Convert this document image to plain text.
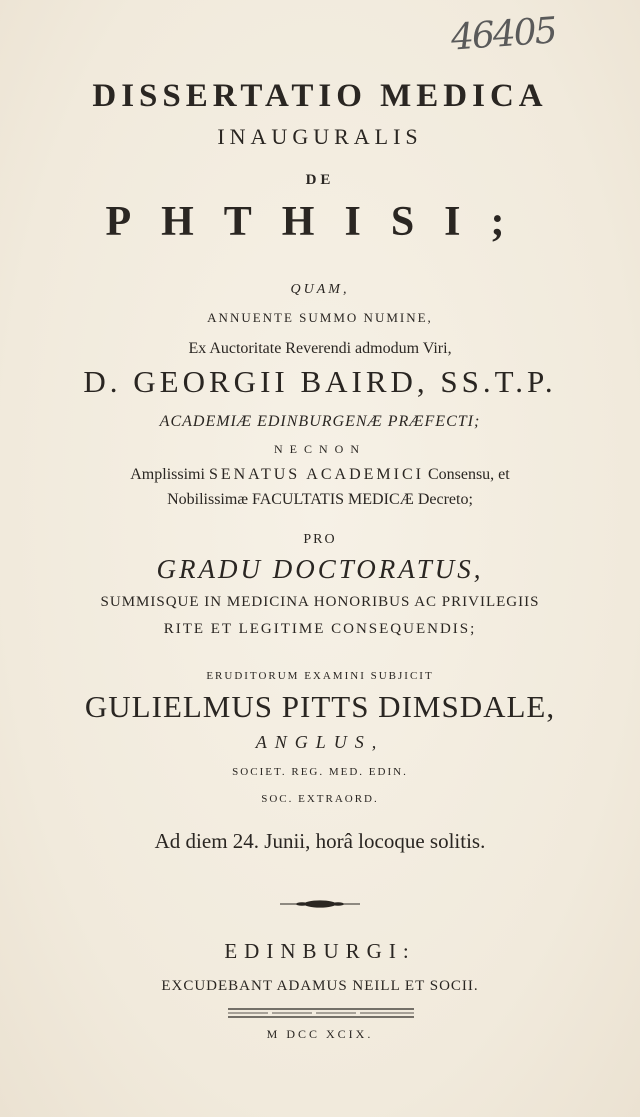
46405
DISSERTATIO MEDICA
INAUGURALIS
DE
PHTHISI;
QUAM,
ANNUENTE SUMMO NUMINE,
Ex Auctoritate Reverendi admodum Viri,
D. GEORGII BAIRD, SS.T.P.
ACADEMIÆ EDINBURGENÆ PRÆFECTI;
NECNON
Amplissimi SENATUS ACADEMICI Consensu, et
Nobilissimæ FACULTATIS MEDICÆ Decreto;
PRO
GRADU DOCTORATUS,
SUMMISQUE IN MEDICINA HONORIBUS AC PRIVILEGIIS
RITE ET LEGITIME CONSEQUENDIS;
ERUDITORUM EXAMINI SUBJICIT
GULIELMUS PITTS DIMSDALE,
ANGLUS,
SOCIET. REG. MED. EDIN.
SOC. EXTRAORD.
Ad diem 24. Junii, horâ locoque solitis.
EDINBURGI:
EXCUDEBANT ADAMUS NEILL ET SOCII.
M DCC XCIX.
